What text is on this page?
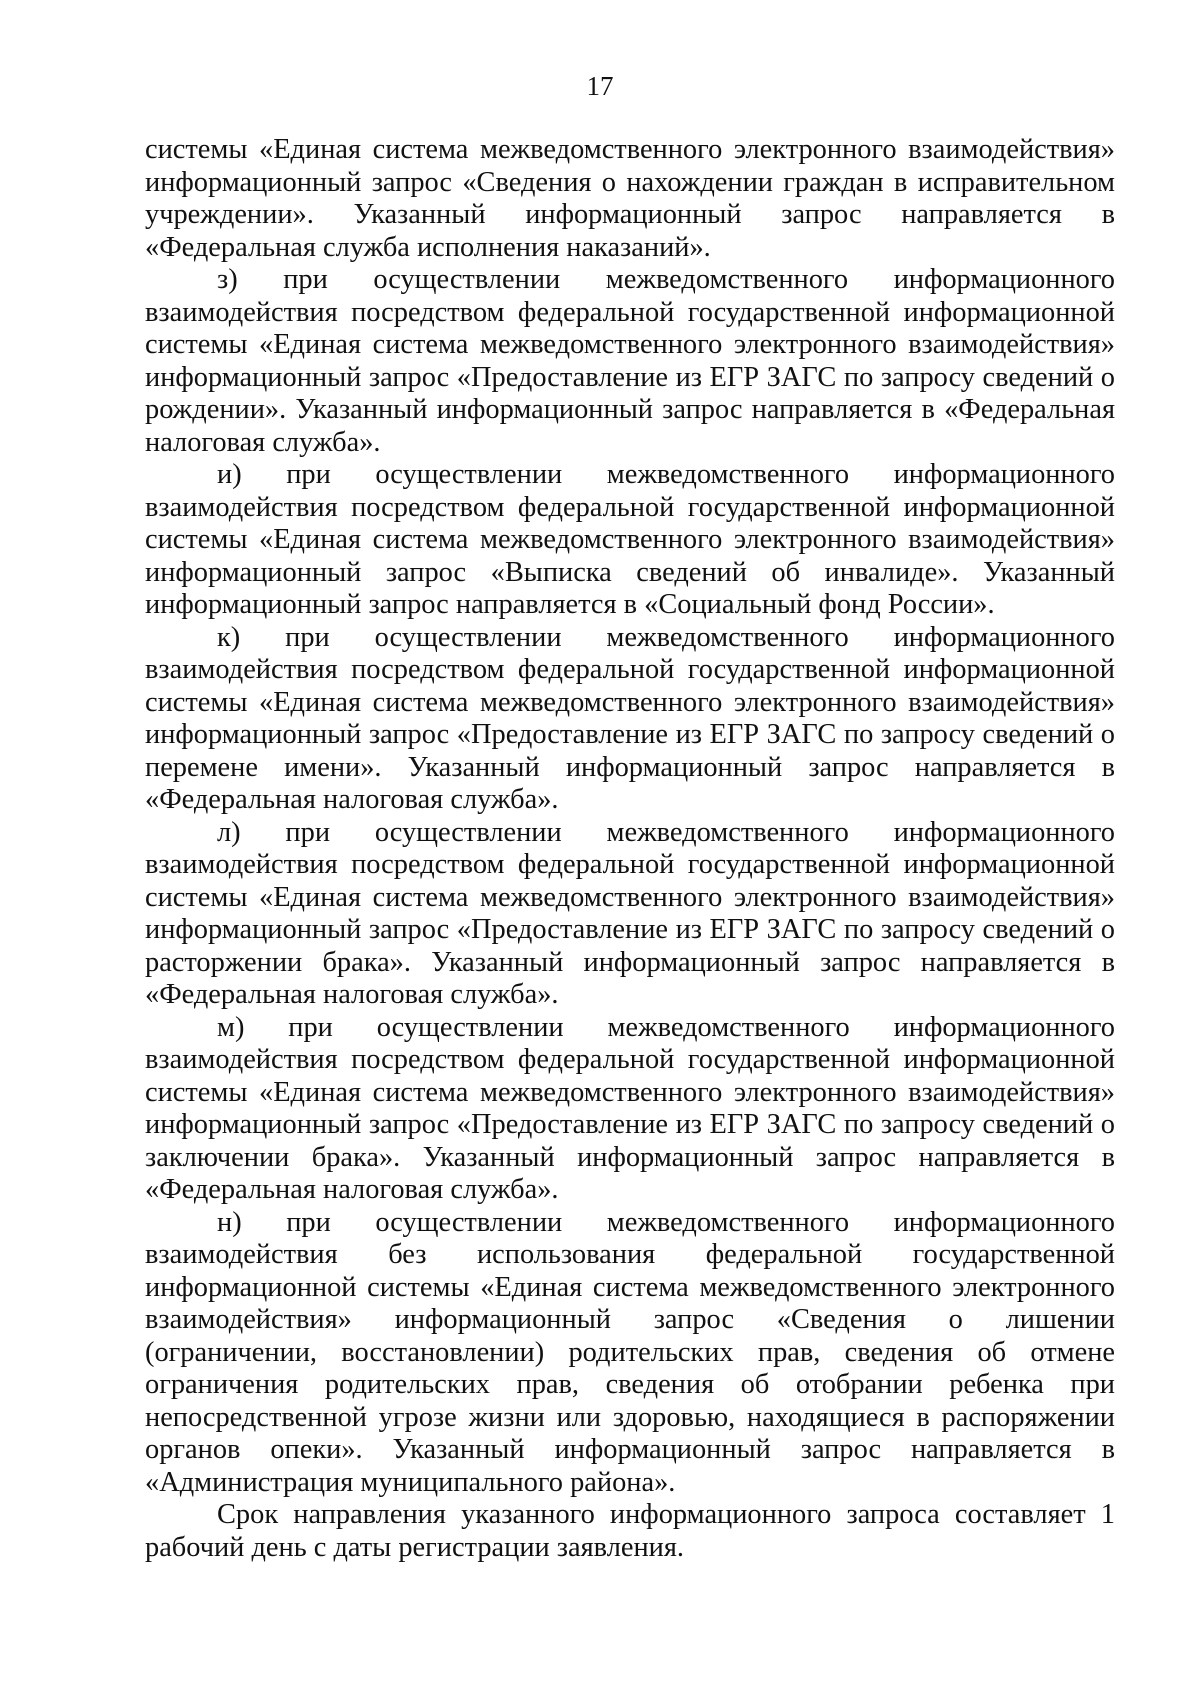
17

системы «Единая система межведомственного электронного взаимодействия» информационный запрос «Сведения о нахождении граждан в исправительном учреждении». Указанный информационный запрос направляется в «Федеральная служба исполнения наказаний».

з) при осуществлении межведомственного информационного взаимодействия посредством федеральной государственной информационной системы «Единая система межведомственного электронного взаимодействия» информационный запрос «Предоставление из ЕГР ЗАГС по запросу сведений о рождении». Указанный информационный запрос направляется в «Федеральная налоговая служба».

и) при осуществлении межведомственного информационного взаимодействия посредством федеральной государственной информационной системы «Единая система межведомственного электронного взаимодействия» информационный запрос «Выписка сведений об инвалиде». Указанный информационный запрос направляется в «Социальный фонд России».

к) при осуществлении межведомственного информационного взаимодействия посредством федеральной государственной информационной системы «Единая система межведомственного электронного взаимодействия» информационный запрос «Предоставление из ЕГР ЗАГС по запросу сведений о перемене имени». Указанный информационный запрос направляется в «Федеральная налоговая служба».

л) при осуществлении межведомственного информационного взаимодействия посредством федеральной государственной информационной системы «Единая система межведомственного электронного взаимодействия» информационный запрос «Предоставление из ЕГР ЗАГС по запросу сведений о расторжении брака». Указанный информационный запрос направляется в «Федеральная налоговая служба».

м) при осуществлении межведомственного информационного взаимодействия посредством федеральной государственной информационной системы «Единая система межведомственного электронного взаимодействия» информационный запрос «Предоставление из ЕГР ЗАГС по запросу сведений о заключении брака». Указанный информационный запрос направляется в «Федеральная налоговая служба».

н) при осуществлении межведомственного информационного взаимодействия без использования федеральной государственной информационной системы «Единая система межведомственного электронного взаимодействия» информационный запрос «Сведения о лишении (ограничении, восстановлении) родительских прав, сведения об отмене ограничения родительских прав, сведения об отобрании ребенка при непосредственной угрозе жизни или здоровью, находящиеся в распоряжении органов опеки». Указанный информационный запрос направляется в «Администрация муниципального района».

Срок направления указанного информационного запроса составляет 1 рабочий день с даты регистрации заявления.
